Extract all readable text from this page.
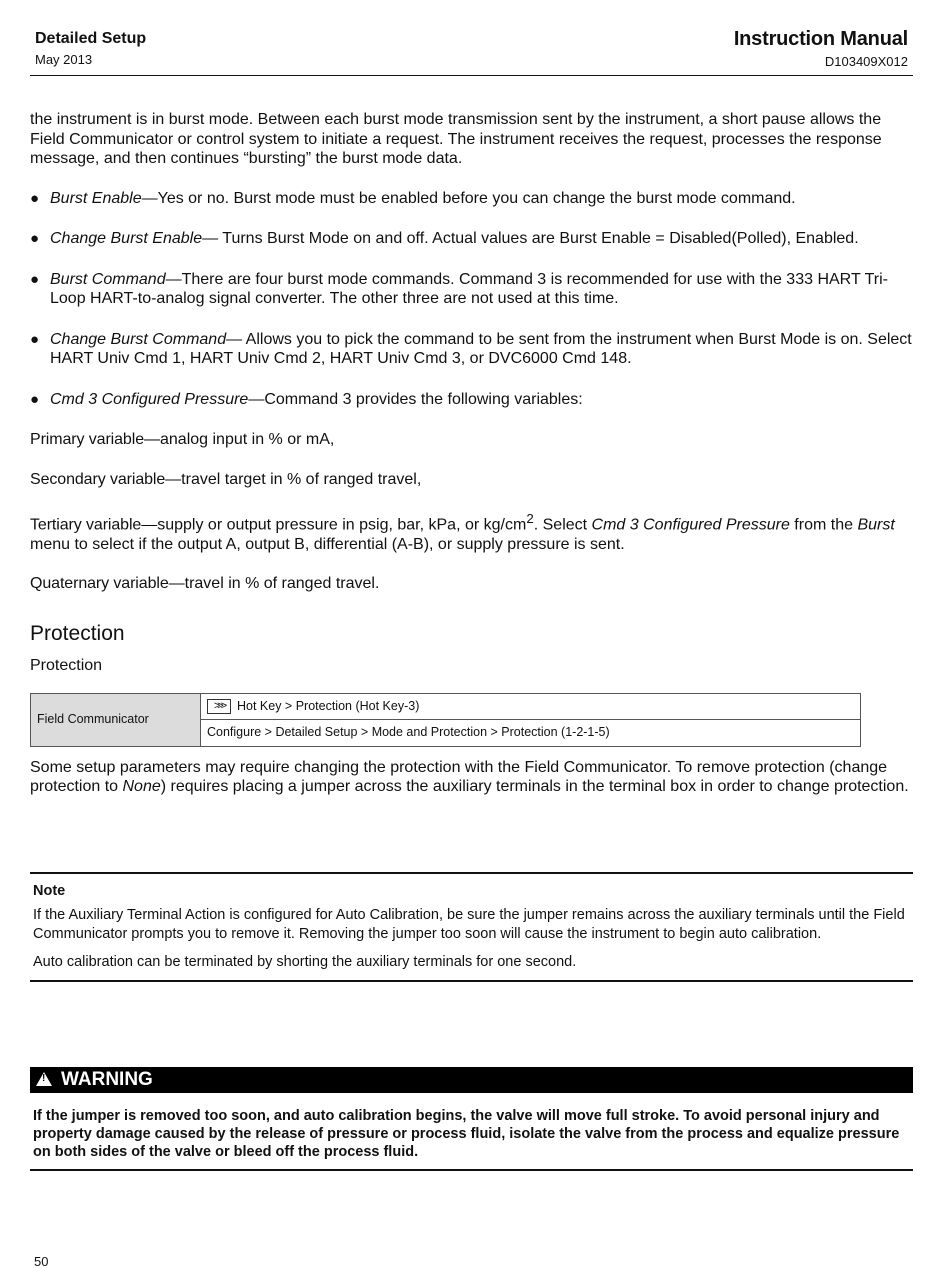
Detailed Setup
May 2013
Instruction Manual
D103409X012

the instrument is in burst mode. Between each burst mode transmission sent by the instrument, a short pause allows the Field Communicator or control system to initiate a request. The instrument receives the request, processes the response message, and then continues “bursting” the burst mode data.

● Burst Enable—Yes or no. Burst mode must be enabled before you can change the burst mode command.
● Change Burst Enable— Turns Burst Mode on and off. Actual values are Burst Enable = Disabled(Polled), Enabled.
● Burst Command—There are four burst mode commands. Command 3 is recommended for use with the 333 HART Tri-Loop HART-to-analog signal converter. The other three are not used at this time.
● Change Burst Command— Allows you to pick the command to be sent from the instrument when Burst Mode is on. Select HART Univ Cmd 1, HART Univ Cmd 2, HART Univ Cmd 3, or DVC6000 Cmd 148.
● Cmd 3 Configured Pressure—Command 3 provides the following variables:

Primary variable—analog input in % or mA,

Secondary variable—travel target in % of ranged travel,

Tertiary variable—supply or output pressure in psig, bar, kPa, or $kg/cm^2$. Select Cmd 3 Configured Pressure from the Burst menu to select if the output A, output B, differential (A-B), or supply pressure is sent.

Quaternary variable—travel in % of ranged travel.

Protection
Protection
Field Communicator	>>> Hot Key > Protection (Hot Key-3)
Configure > Detailed Setup > Mode and Protection > Protection (1-2-1-5)

Some setup parameters may require changing the protection with the Field Communicator. To remove protection (change protection to None) requires placing a jumper across the auxiliary terminals in the terminal box in order to change protection.

Note

If the Auxiliary Terminal Action is configured for Auto Calibration, be sure the jumper remains across the auxiliary terminals until the Field Communicator prompts you to remove it. Removing the jumper too soon will cause the instrument to begin auto calibration.

Auto calibration can be terminated by shorting the auxiliary terminals for one second.

!WARNING
If the jumper is removed too soon, and auto calibration begins, the valve will move full stroke. To avoid personal injury and property damage caused by the release of pressure or process fluid, isolate the valve from the process and equalize pressure on both sides of the valve or bleed off the process fluid.
50
